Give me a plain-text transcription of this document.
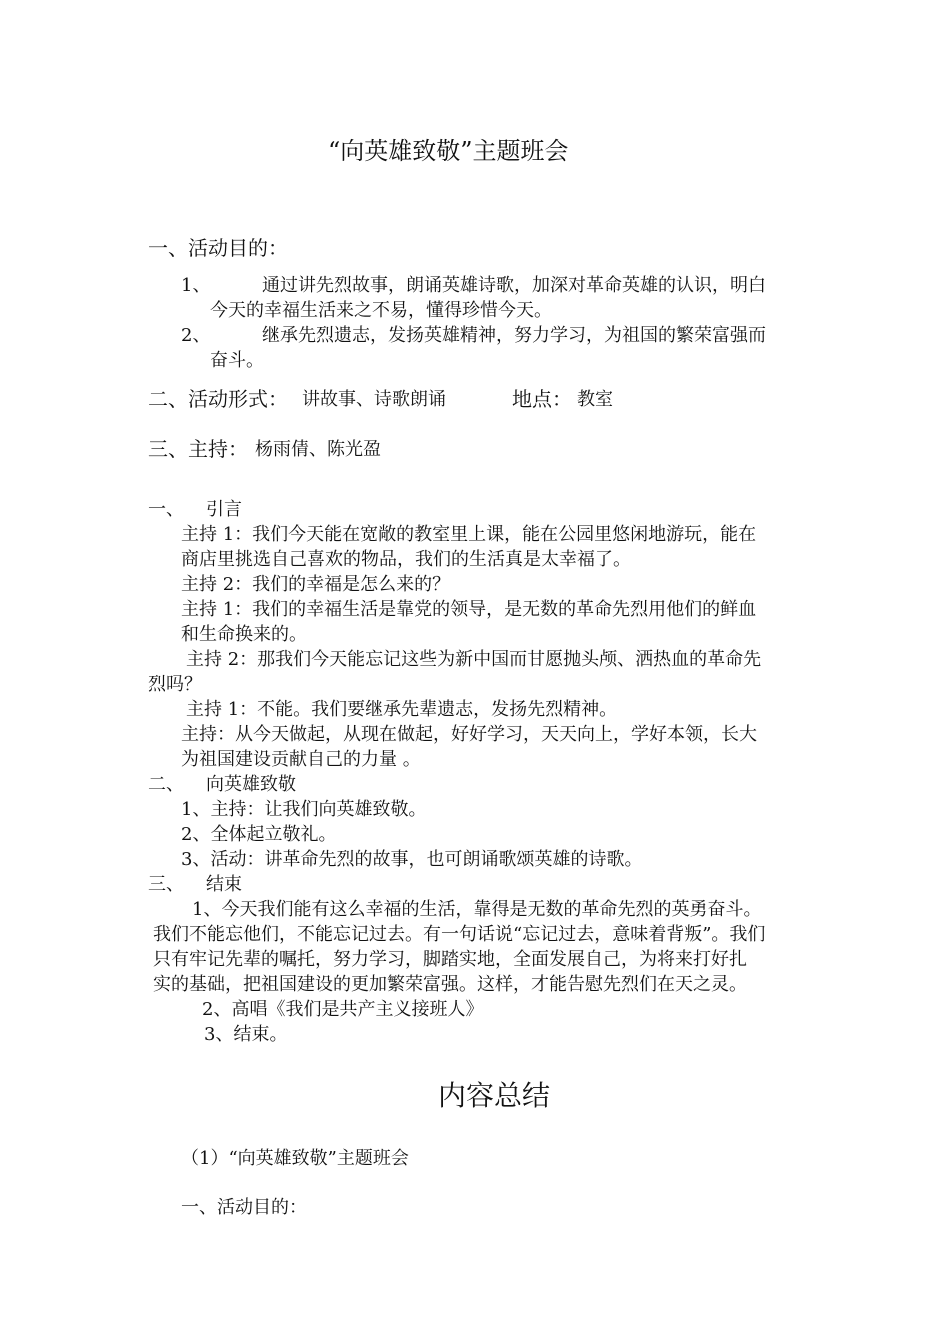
“向英雄致敬”主题班会
一、活动目的：
1、	通过讲先烈故事，朗诵英雄诗歌，加深对革命英雄的认识，明白
今天的幸福生活来之不易，懂得珍惜今天。
2、	继承先烈遗志，发扬英雄精神，努力学习，为祖国的繁荣富强而
奋斗。
二、活动形式： 讲故事、诗歌朗诵	地点： 教室
三、主持： 杨雨倩、陈光盈
一、 引言
主持 1：我们今天能在宽敞的教室里上课，能在公园里悠闲地游玩，能在
商店里挑选自己喜欢的物品，我们的生活真是太幸福了。
主持 2：我们的幸福是怎么来的？
主持 1：我们的幸福生活是靠党的领导，是无数的革命先烈用他们的鲜血
和生命换来的。
主持 2：那我们今天能忘记这些为新中国而甘愿抛头颅、洒热血的革命先
烈吗？
主持 1：不能。我们要继承先辈遗志，发扬先烈精神。
主持：从今天做起，从现在做起，好好学习，天天向上，学好本领，长大
为祖国建设贡献自己的力量 。
二、 向英雄致敬
1、主持：让我们向英雄致敬。
2、全体起立敬礼。
3、活动：讲革命先烈的故事，也可朗诵歌颂英雄的诗歌。
三、 结束
1、今天我们能有这么幸福的生活，靠得是无数的革命先烈的英勇奋斗。
我们不能忘他们，不能忘记过去。有一句话说“忘记过去，意味着背叛”。我们
只有牢记先辈的嘱托，努力学习，脚踏实地，全面发展自己，为将来打好扎
实的基础，把祖国建设的更加繁荣富强。这样，才能告慰先烈们在天之灵。
2、高唱《我们是共产主义接班人》
3、结束。
内容总结
（1）“向英雄致敬”主题班会
一、活动目的：
